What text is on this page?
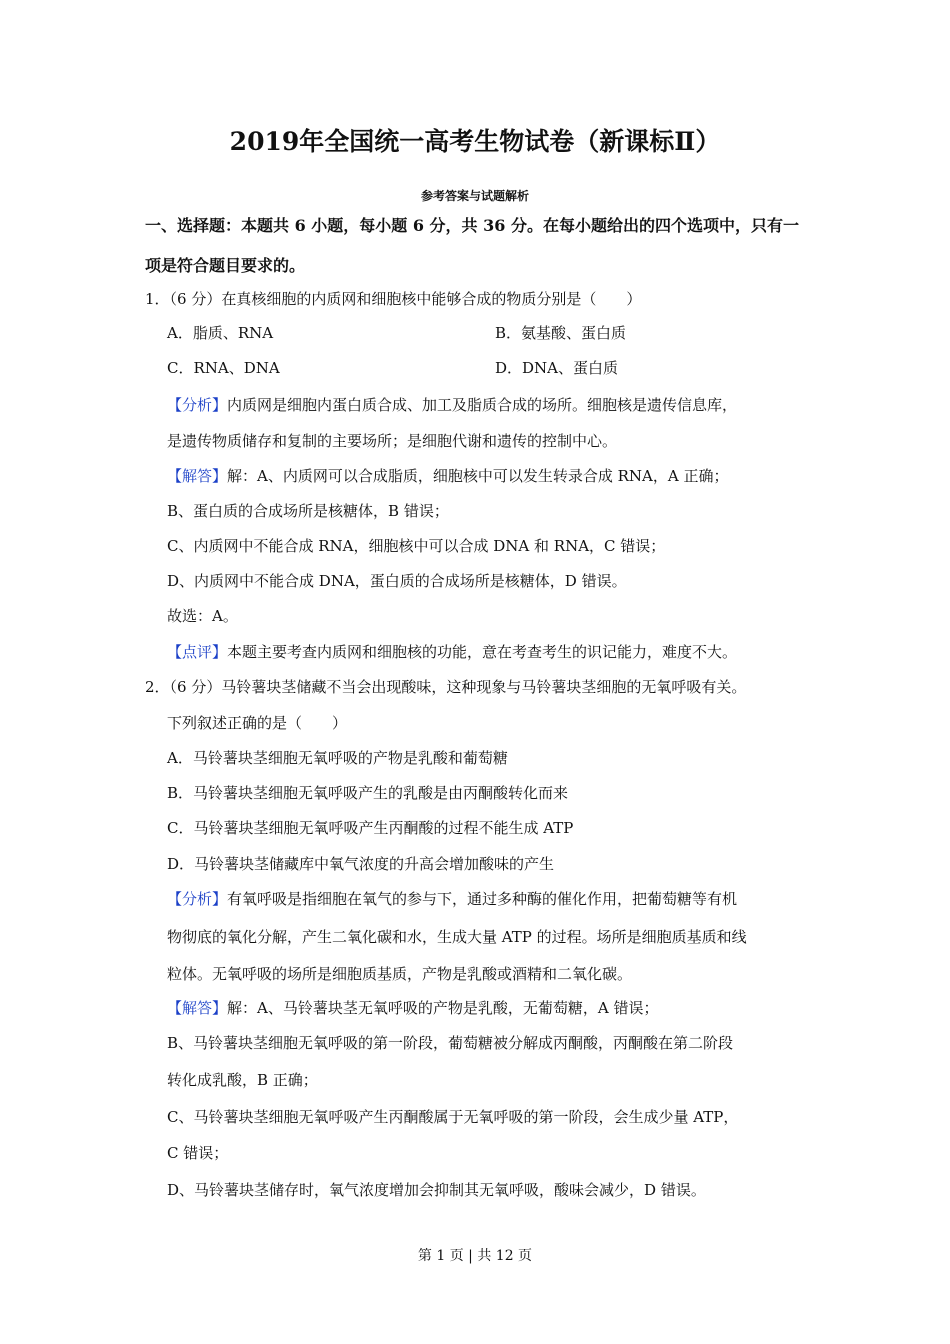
2019年全国统一高考生物试卷（新课标Ⅱ）
参考答案与试题解析
一、选择题：本题共 6 小题，每小题 6 分，共 36 分。在每小题给出的四个选项中，只有一
项是符合题目要求的。
1．（6 分）在真核细胞的内质网和细胞核中能够合成的物质分别是（　　）
A．脂质、RNA	B．氨基酸、蛋白质
C．RNA、DNA	D．DNA、蛋白质
【分析】内质网是细胞内蛋白质合成、加工及脂质合成的场所。细胞核是遗传信息库，
是遗传物质储存和复制的主要场所；是细胞代谢和遗传的控制中心。
【解答】解：A、内质网可以合成脂质，细胞核中可以发生转录合成 RNA，A 正确；
B、蛋白质的合成场所是核糖体，B 错误；
C、内质网中不能合成 RNA，细胞核中可以合成 DNA 和 RNA，C 错误；
D、内质网中不能合成 DNA，蛋白质的合成场所是核糖体，D 错误。
故选：A。
【点评】本题主要考查内质网和细胞核的功能，意在考查考生的识记能力，难度不大。
2．（6 分）马铃薯块茎储藏不当会出现酸味，这种现象与马铃薯块茎细胞的无氧呼吸有关。
下列叙述正确的是（　　）
A．马铃薯块茎细胞无氧呼吸的产物是乳酸和葡萄糖
B．马铃薯块茎细胞无氧呼吸产生的乳酸是由丙酮酸转化而来
C．马铃薯块茎细胞无氧呼吸产生丙酮酸的过程不能生成 ATP
D．马铃薯块茎储藏库中氧气浓度的升高会增加酸味的产生
【分析】有氧呼吸是指细胞在氧气的参与下，通过多种酶的催化作用，把葡萄糖等有机
物彻底的氧化分解，产生二氧化碳和水，生成大量 ATP 的过程。场所是细胞质基质和线
粒体。无氧呼吸的场所是细胞质基质，产物是乳酸或酒精和二氧化碳。
【解答】解：A、马铃薯块茎无氧呼吸的产物是乳酸，无葡萄糖，A 错误；
B、马铃薯块茎细胞无氧呼吸的第一阶段，葡萄糖被分解成丙酮酸，丙酮酸在第二阶段
转化成乳酸，B 正确；
C、马铃薯块茎细胞无氧呼吸产生丙酮酸属于无氧呼吸的第一阶段，会生成少量 ATP，
C 错误；
D、马铃薯块茎储存时，氧气浓度增加会抑制其无氧呼吸，酸味会减少，D 错误。
第 1 页 | 共 12 页
